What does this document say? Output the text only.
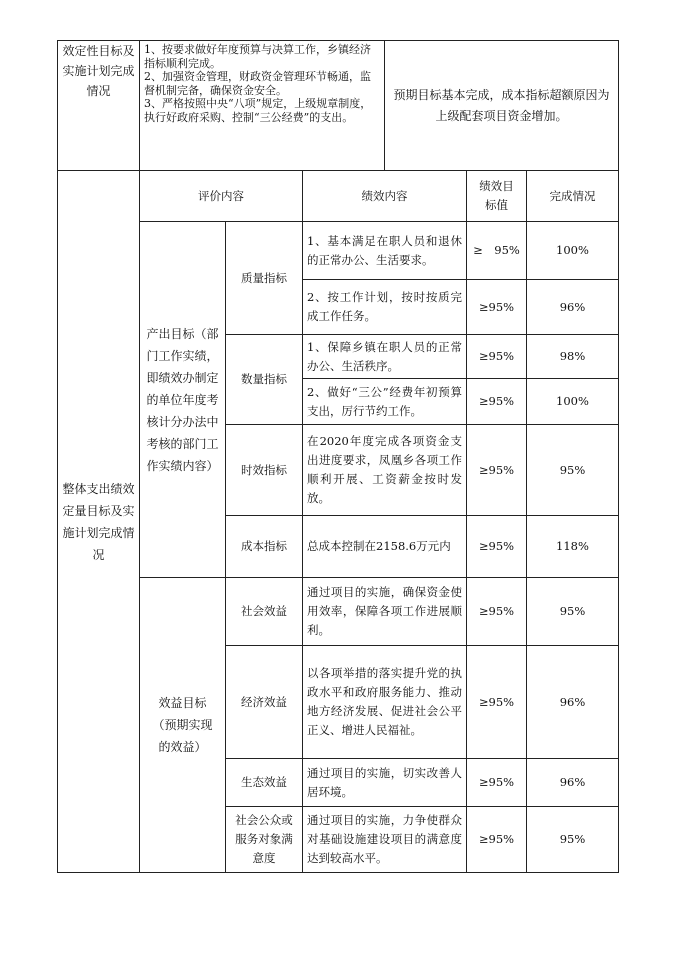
效定性目标及实施计划完成情况	1、按要求做好年度预算与决算工作，乡镇经济指标顺利完成。
2、加强资金管理，财政资金管理环节畅通，监督机制完备，确保资金安全。
3、严格按照中央“八项”规定，上级规章制度，执行好政府采购、控制“三公经费”的支出。			预期目标基本完成，成本指标超额原因为上级配套项目资金增加。		
整体支出绩效定量目标及实施计划完成情况	评价内容		绩效内容		绩效目标值	完成情况
	产出目标（部门工作实绩，即绩效办制定的单位年度考核计分办法中考核的部门工作实绩内容）	质量指标	1、基本满足在职人员和退休的正常办公、生活要求。		≥　95%	100%
			2、按工作计划，按时按质完成工作任务。		≥95%	96%
		数量指标	1、保障乡镇在职人员的正常办公、生活秩序。		≥95%	98%
			2、做好“三公”经费年初预算支出，厉行节约工作。		≥95%	100%
		时效指标	在2020年度完成各项资金支出进度要求，凤凰乡各项工作顺利开展、工资薪金按时发放。		≥95%	95%
		成本指标	总成本控制在2158.6万元内		≥95%	118%
	效益目标（预期实现的效益）	社会效益	通过项目的实施，确保资金使用效率，保障各项工作进展顺利。		≥95%	95%
		经济效益	以各项举措的落实提升党的执政水平和政府服务能力、推动地方经济发展、促进社会公平正义、增进人民福祉。		≥95%	96%
		生态效益	通过项目的实施，切实改善人居环境。		≥95%	96%
		社会公众或服务对象满意度	通过项目的实施，力争使群众对基础设施建设项目的满意度达到较高水平。		≥95%	95%
